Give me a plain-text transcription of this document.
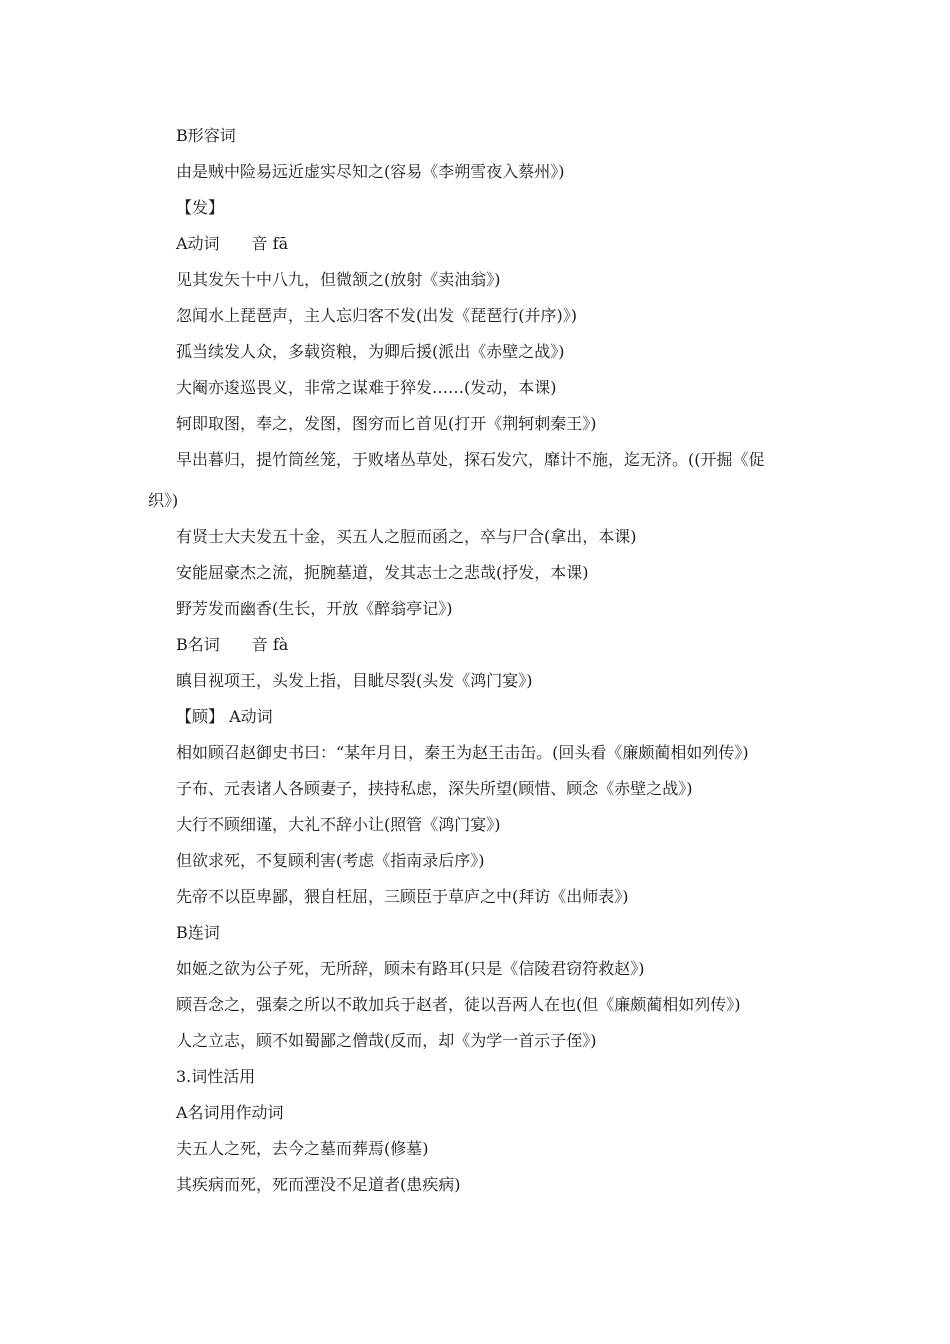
B形容词
由是贼中险易远近虚实尽知之(容易《李朔雪夜入蔡州》)
【发】
A动词　　音 fā
见其发矢十中八九，但微颔之(放射《卖油翁》)
忽闻水上琵琶声，主人忘归客不发(出发《琵琶行(并序)》)
孤当续发人众，多载资粮，为卿后援(派出《赤壁之战》)
大阉亦逡巡畏义，非常之谋难于猝发……(发动，本课)
轲即取图，奉之，发图，图穷而匕首见(打开《荆轲刺秦王》)
早出暮归，提竹筒丝笼，于败堵丛草处，探石发穴，靡计不施，迄无济。((开掘《促
织》)
有贤士大夫发五十金，买五人之脰而函之，卒与尸合(拿出，本课)
安能屈豪杰之流，扼腕墓道，发其志士之悲哉(抒发，本课)
野芳发而幽香(生长，开放《醉翁亭记》)
B名词　　音 fà
瞋目视项王，头发上指，目眦尽裂(头发《鸿门宴》)
【顾】 A动词
相如顾召赵御史书曰：“某年月日，秦王为赵王击缶。(回头看《廉颇蔺相如列传》)
子布、元表诸人各顾妻子，挟持私虑，深失所望(顾惜、顾念《赤壁之战》)
大行不顾细谨，大礼不辞小让(照管《鸿门宴》)
但欲求死，不复顾利害(考虑《指南录后序》)
先帝不以臣卑鄙，猥自枉屈，三顾臣于草庐之中(拜访《出师表》)
B连词
如姬之欲为公子死，无所辞，顾未有路耳(只是《信陵君窃符救赵》)
顾吾念之，强秦之所以不敢加兵于赵者，徒以吾两人在也(但《廉颇蔺相如列传》)
人之立志，顾不如蜀鄙之僧哉(反而，却《为学一首示子侄》)
3.词性活用
A名词用作动词
夫五人之死，去今之墓而葬焉(修墓)
其疾病而死，死而湮没不足道者(患疾病)
